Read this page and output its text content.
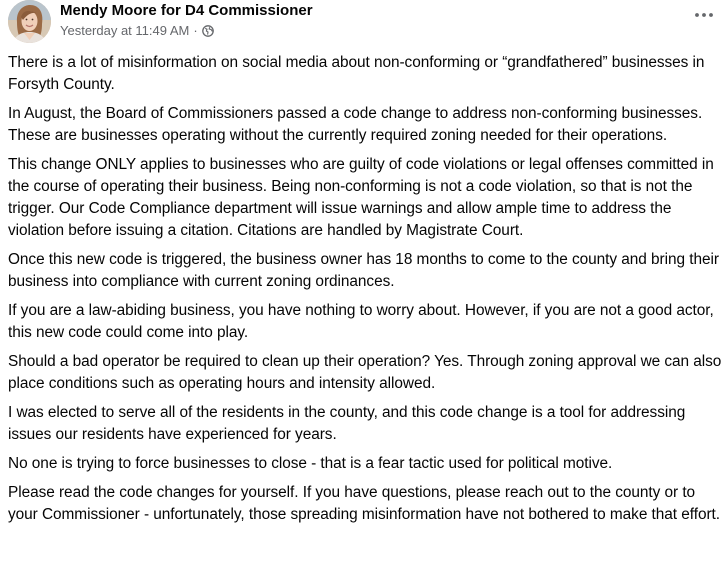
Mendy Moore for D4 Commissioner
Yesterday at 11:49 AM ·

There is a lot of misinformation on social media about non-conforming or “grandfathered” businesses in Forsyth County.

In August, the Board of Commissioners passed a code change to address non-conforming businesses. These are businesses operating without the currently required zoning needed for their operations.

This change ONLY applies to businesses who are guilty of code violations or legal offenses committed in the course of operating their business. Being non-conforming is not a code violation, so that is not the trigger. Our Code Compliance department will issue warnings and allow ample time to address the violation before issuing a citation. Citations are handled by Magistrate Court.

Once this new code is triggered, the business owner has 18 months to come to the county and bring their business into compliance with current zoning ordinances.

If you are a law-abiding business, you have nothing to worry about. However, if you are not a good actor, this new code could come into play.

Should a bad operator be required to clean up their operation? Yes. Through zoning approval we can also place conditions such as operating hours and intensity allowed.

I was elected to serve all of the residents in the county, and this code change is a tool for addressing issues our residents have experienced for years.

No one is trying to force businesses to close - that is a fear tactic used for political motive.

Please read the code changes for yourself. If you have questions, please reach out to the county or to your Commissioner - unfortunately, those spreading misinformation have not bothered to make that effort.
